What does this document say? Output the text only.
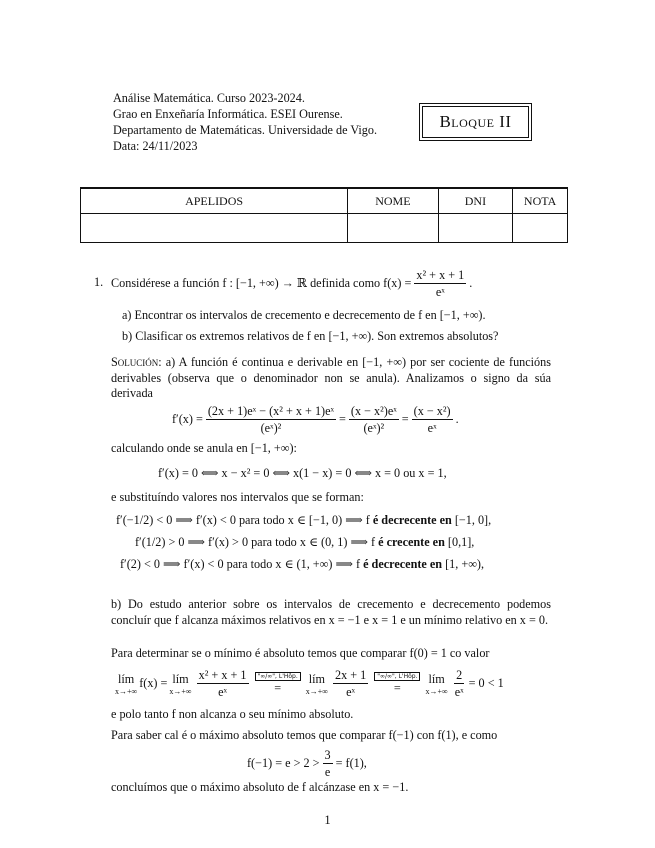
Análise Matemática. Curso 2023-2024.
Grao en Enxeñaría Informática. ESEI Ourense.
Departamento de Matemáticas. Universidade de Vigo.
Data: 24/11/2023
Bloque II
APELIDOS	NOME	DNI	NOTA

1. Considérese a función f : [−1, +∞) → ℝ definida como $f(x) = \frac{\text{x² + x + 1}}{\text{eˣ}}$ .
a) Encontrar os intervalos de crecemento e decrecemento de f en [−1, +∞).
b) Clasificar os extremos relativos de f en [−1, +∞). Son extremos absolutos?
Solución: a) A función é continua e derivable en [−1, +∞) por ser cociente de funcións derivables (observa que o denominador non se anula). Analizamos o signo da súa derivada
$f'(x) = \frac{\text{(2x + 1)eˣ − (x² + x + 1)eˣ}}{\text{(eˣ)²}} = \frac{\text{(x − x²)eˣ}}{\text{(eˣ)²}} = \frac{\text{(x − x²)}}{\text{eˣ}}$ .
calculando onde se anula en [−1, +∞):
f′(x) = 0 ⟺ x − x² = 0 ⟺ x(1 − x) = 0 ⟺ x = 0 ou x = 1,
e substituíndo valores nos intervalos que se forman:
f′(−1/2) < 0 ⟹ f′(x) < 0 para todo x ∈ [−1, 0) ⟹ f é decrecente en [−1, 0],
f′(1/2) > 0 ⟹ f′(x) > 0 para todo x ∈ (0, 1) ⟹ f é crecente en [0,1],
f′(2) < 0 ⟹ f′(x) < 0 para todo x ∈ (1, +∞) ⟹ f é decrecente en [1, +∞),
b) Do estudo anterior sobre os intervalos de crecemento e decrecemento podemos concluír que f alcanza máximos relativos en x = −1 e x = 1 e un mínimo relativo en x = 0.
Para determinar se o mínimo é absoluto temos que comparar f(0) = 1 co valor
lím
x→+∞
f(x) = lím
$x\to+\infty \frac{\text{x² + x + 1}}{\text{eˣ}}$	"∞/∞", L'Hôp.
=
lím
$x\to+\infty \frac{2x + 1}{\text{eˣ}}$	"∞/∞", L'Hôp.
=
lím
$x\to+\infty \frac{2}{\text{eˣ}} = 0 < 1$
e polo tanto f non alcanza o seu mínimo absoluto.
Para saber cal é o máximo absoluto temos que comparar f(−1) con f(1), e como
$f(-1) = e > 2 > \frac{3}{e} = f(1)$,
concluímos que o máximo absoluto de f alcánzase en x = −1.
1
